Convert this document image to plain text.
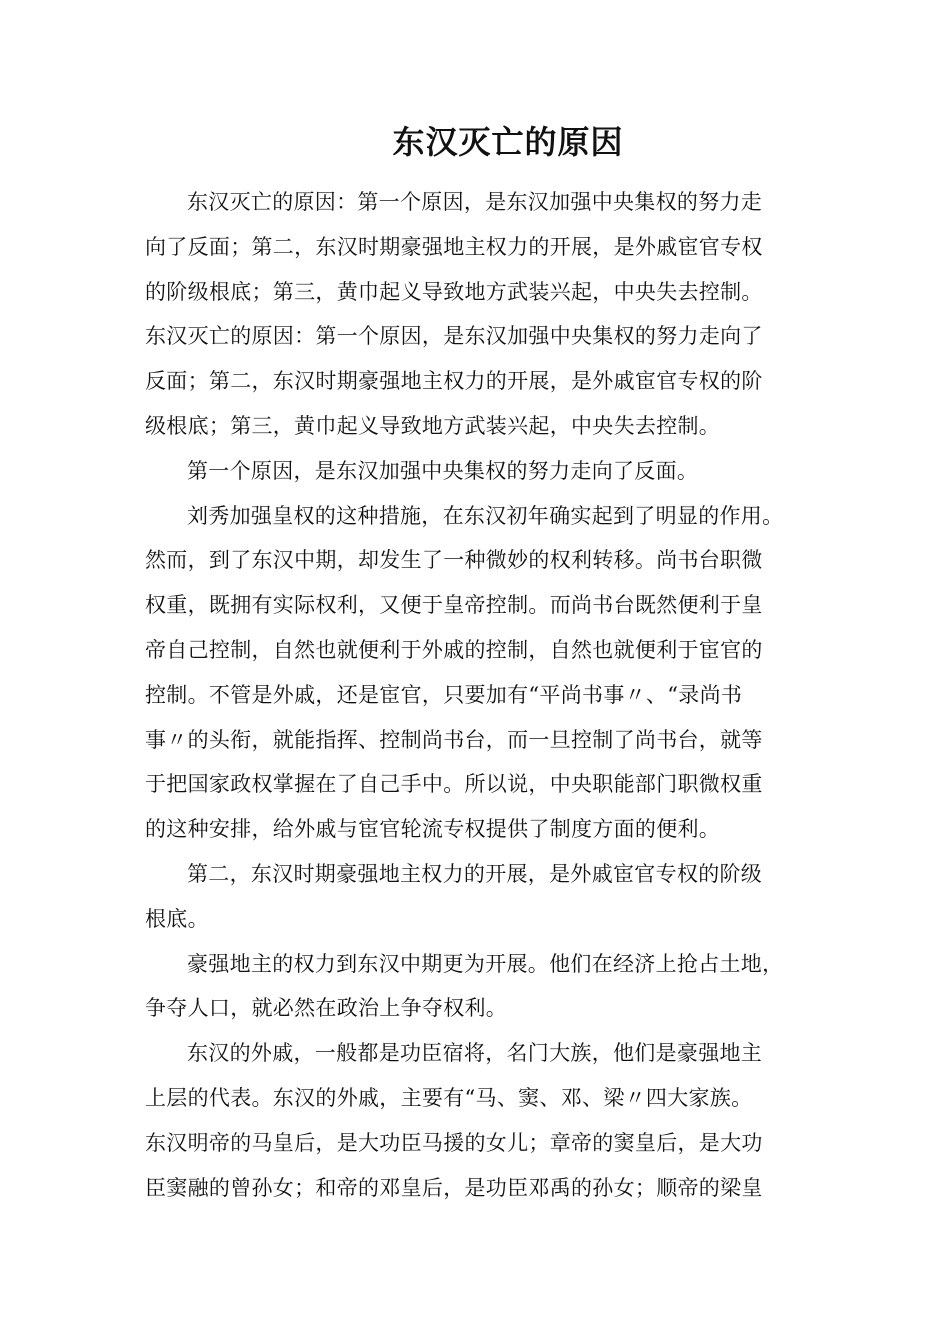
东汉灭亡的原因
东汉灭亡的原因：第一个原因，是东汉加强中央集权的努力走
向了反面；第二，东汉时期豪强地主权力的开展，是外戚宦官专权
的阶级根底；第三，黄巾起义导致地方武装兴起，中央失去控制。
东汉灭亡的原因：第一个原因，是东汉加强中央集权的努力走向了
反面；第二，东汉时期豪强地主权力的开展，是外戚宦官专权的阶
级根底；第三，黄巾起义导致地方武装兴起，中央失去控制。
第一个原因，是东汉加强中央集权的努力走向了反面。
刘秀加强皇权的这种措施，在东汉初年确实起到了明显的作用。
然而，到了东汉中期，却发生了一种微妙的权利转移。尚书台职微
权重，既拥有实际权利，又便于皇帝控制。而尚书台既然便利于皇
帝自己控制，自然也就便利于外戚的控制，自然也就便利于宦官的
控制。不管是外戚，还是宦官，只要加有“平尚书事〃、“录尚书
事〃的头衔，就能指挥、控制尚书台，而一旦控制了尚书台，就等
于把国家政权掌握在了自己手中。所以说，中央职能部门职微权重
的这种安排，给外戚与宦官轮流专权提供了制度方面的便利。
第二，东汉时期豪强地主权力的开展，是外戚宦官专权的阶级
根底。
豪强地主的权力到东汉中期更为开展。他们在经济上抢占土地，
争夺人口，就必然在政治上争夺权利。
东汉的外戚，一般都是功臣宿将，名门大族，他们是豪强地主
上层的代表。东汉的外戚，主要有“马、窦、邓、梁〃四大家族。
东汉明帝的马皇后，是大功臣马援的女儿；章帝的窦皇后，是大功
臣窦融的曾孙女；和帝的邓皇后，是功臣邓禹的孙女；顺帝的梁皇
